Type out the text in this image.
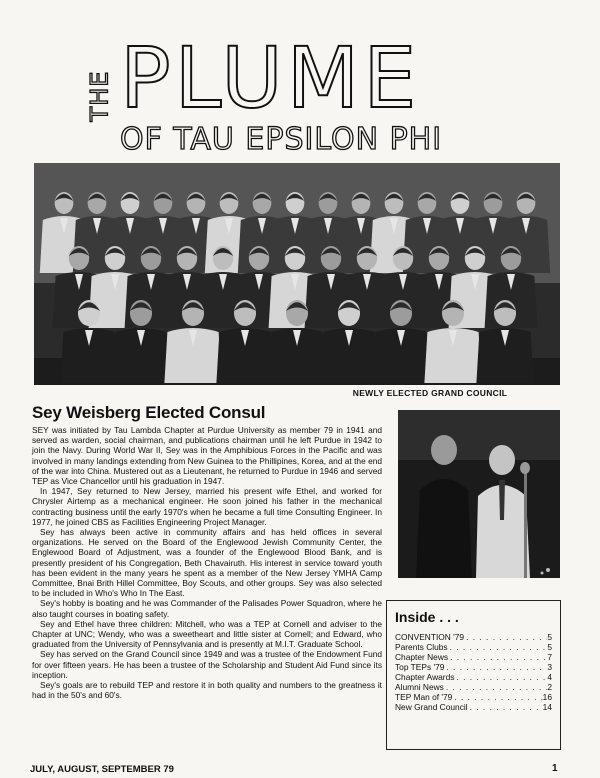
THE PLUME
OF TAU EPSILON PHI
NEWLY ELECTED GRAND COUNCIL
Sey Weisberg Elected Consul

SEY was initiated by Tau Lambda Chapter at Purdue University as member 79 in 1941 and served as warden, social chairman, and publications chairman until he left Purdue in 1942 to join the Navy. During World War II, Sey was in the Amphibious Forces in the Pacific and was involved in many landings extending from New Guinea to the Phillipines, Korea, and at the end of the war into China. Mustered out as a Lieutenant, he returned to Purdue in 1946 and served TEP as Vice Chancellor until his graduation in 1947.

In 1947, Sey returned to New Jersey, married his present wife Ethel, and worked for Chrysler Airtemp as a mechanical engineer. He soon joined his father in the mechanical contracting business until the early 1970's when he became a full time Consulting Engineer. In 1977, he joined CBS as Facilities Engineering Project Manager.

Sey has always been active in community affairs and has held offices in several organizations. He served on the Board of the Englewood Jewish Community Center, the Englewood Board of Adjustment, was a founder of the Englewood Blood Bank, and is presently president of his Congregation, Beth Chavairuth. His interest in service toward youth has been evident in the many years he spent as a member of the New Jersey YMHA Camp Committee, Bnai Brith Hillel Committee, Boy Scouts, and other groups. Sey was also selected to be included in Who's Who In The East.

Sey's hobby is boating and he was Commander of the Palisades Power Squadron, where he also taught courses in boating safety.

Sey and Ethel have three children: Mitchell, who was a TEP at Cornell and adviser to the Chapter at UNC; Wendy, who was a sweetheart and little sister at Cornell; and Edward, who graduated from the University of Pennsylvania and is presently at M.I.T. Graduate School.

Sey has served on the Grand Council since 1949 and was a trustee of the Endowment Fund for over fifteen years. He has been a trustee of the Scholarship and Student Aid Fund since its inception.

Sey's goals are to rebuild TEP and restore it in both quality and numbers to the greatness it had in the 50's and 60's.

Inside . . .
CONVENTION '79 . . .	5
Parents Clubs . . .	5
Chapter News . . .	7
Top TEPs '79 . . .	3
Chapter Awards . . .	4
Alumni News . . .	2
TEP Man of '79 . . .	16
New Grand Council . . .	14
JULY, AUGUST, SEPTEMBER 79	1
